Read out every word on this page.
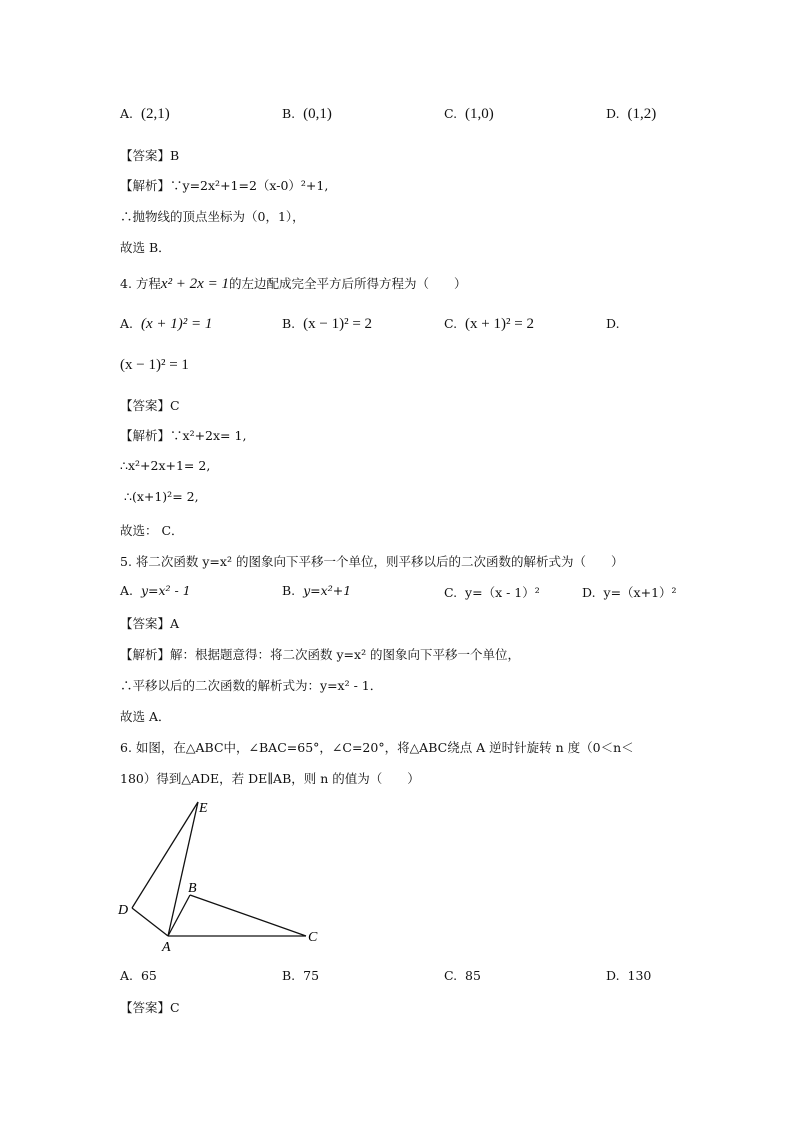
A. (2,1)	B. (0,1)	C. (1,0)	D. (1,2)
【答案】B
【解析】∵y=2x²+1=2（x-0）²+1,
∴抛物线的顶点坐标为（0，1），
故选 B．
4. 方程x² + 2x = 1的左边配成完全平方后所得方程为（　　）
A. (x + 1)² = 1	B. (x − 1)² = 2	C. (x + 1)² = 2	D.
(x − 1)² = 1
【答案】C
【解析】∵x²+2x= 1,
∴x²+2x+1= 2,
∴(x+1)²= 2,
故选： C．
5. 将二次函数 y=x² 的图象向下平移一个单位，则平移以后的二次函数的解析式为（　　）
A. y=x² - 1	B. y=x²+1	C. y=（x - 1）²	D. y=（x+1）²
【答案】A
【解析】解：根据题意得：将二次函数 y=x² 的图象向下平移一个单位，
∴平移以后的二次函数的解析式为：y=x² - 1．
故选 A．
6. 如图，在△ABC中，∠BAC=65°，∠C=20°，将△ABC绕点 A 逆时针旋转 n 度（0＜n＜
180）得到△ADE，若 DE∥AB，则 n 的值为（　　）
E
B
D
A
C
A. 65	B. 75	C. 85	D. 130
【答案】C
